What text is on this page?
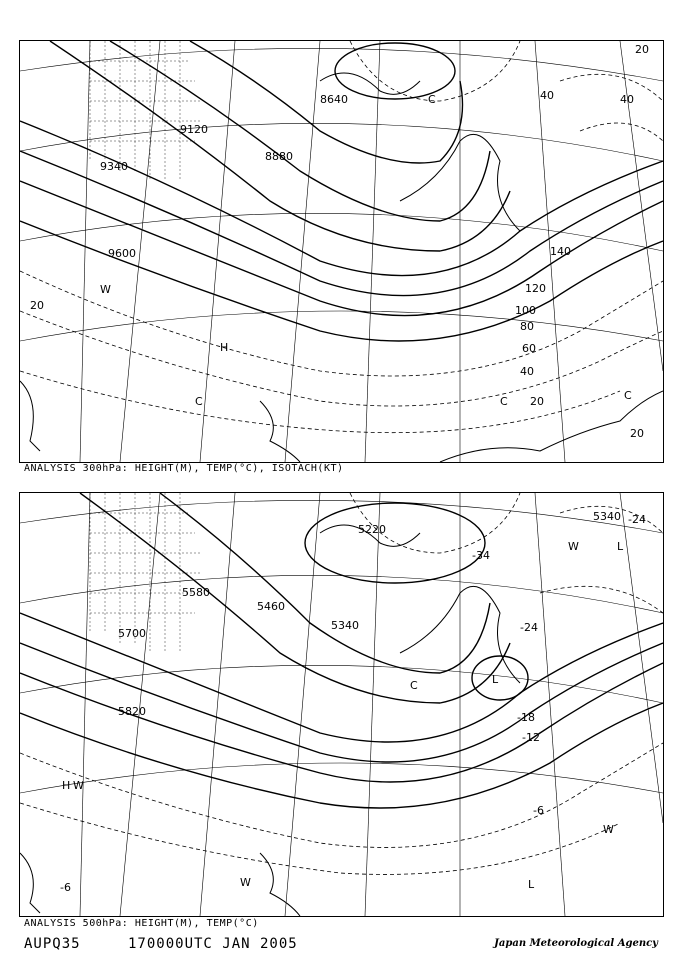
9120
9340
9600
8880
8640
20
40
60
80
100
120
140
20
20
20
40
40
C	C	C
C
H
W
ANALYSIS 300hPa: HEIGHT(M), TEMP(°C), ISOTACH(KT)
5580
5700
5820
5460
5340
5220
5340
-34
-24
-18
-12
-6
-24
-6
L
C
H W
W
W
L
W	L
ANALYSIS 500hPa: HEIGHT(M), TEMP(°C)
AUPQ35	170000UTC JAN 2005	Japan Meteorological Agency
